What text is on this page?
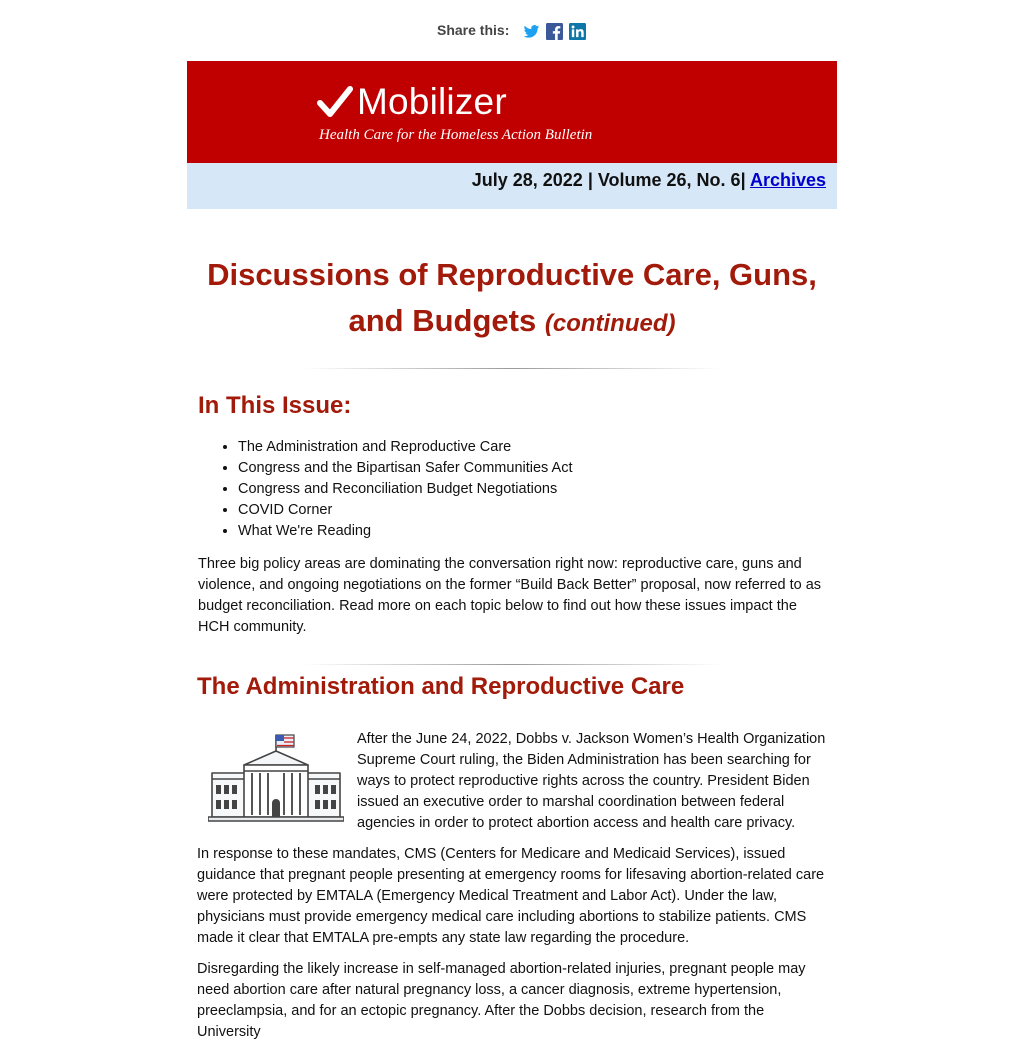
Share this:
Mobilizer
Health Care for the Homeless Action Bulletin
July 28, 2022 | Volume 26, No. 6| Archives
Discussions of Reproductive Care, Guns, and Budgets (continued)
In This Issue:
• The Administration and Reproductive Care
• Congress and the Bipartisan Safer Communities Act
• Congress and Reconciliation Budget Negotiations
• COVID Corner
• What We're Reading

Three big policy areas are dominating the conversation right now: reproductive care, guns and violence, and ongoing negotiations on the former “Build Back Better” proposal, now referred to as budget reconciliation. Read more on each topic below to find out how these issues impact the HCH community.

The Administration and Reproductive Care

After the June 24, 2022, Dobbs v. Jackson Women’s Health Organization Supreme Court ruling, the Biden Administration has been searching for ways to protect reproductive rights across the country. President Biden issued an executive order to marshal coordination between federal agencies in order to protect abortion access and health care privacy.

In response to these mandates, CMS (Centers for Medicare and Medicaid Services), issued guidance that pregnant people presenting at emergency rooms for lifesaving abortion-related care were protected by EMTALA (Emergency Medical Treatment and Labor Act). Under the law, physicians must provide emergency medical care including abortions to stabilize patients. CMS made it clear that EMTALA pre-empts any state law regarding the procedure.

Disregarding the likely increase in self-managed abortion-related injuries, pregnant people may need abortion care after natural pregnancy loss, a cancer diagnosis, extreme hypertension, preeclampsia, and for an ectopic pregnancy. After the Dobbs decision, research from the University
